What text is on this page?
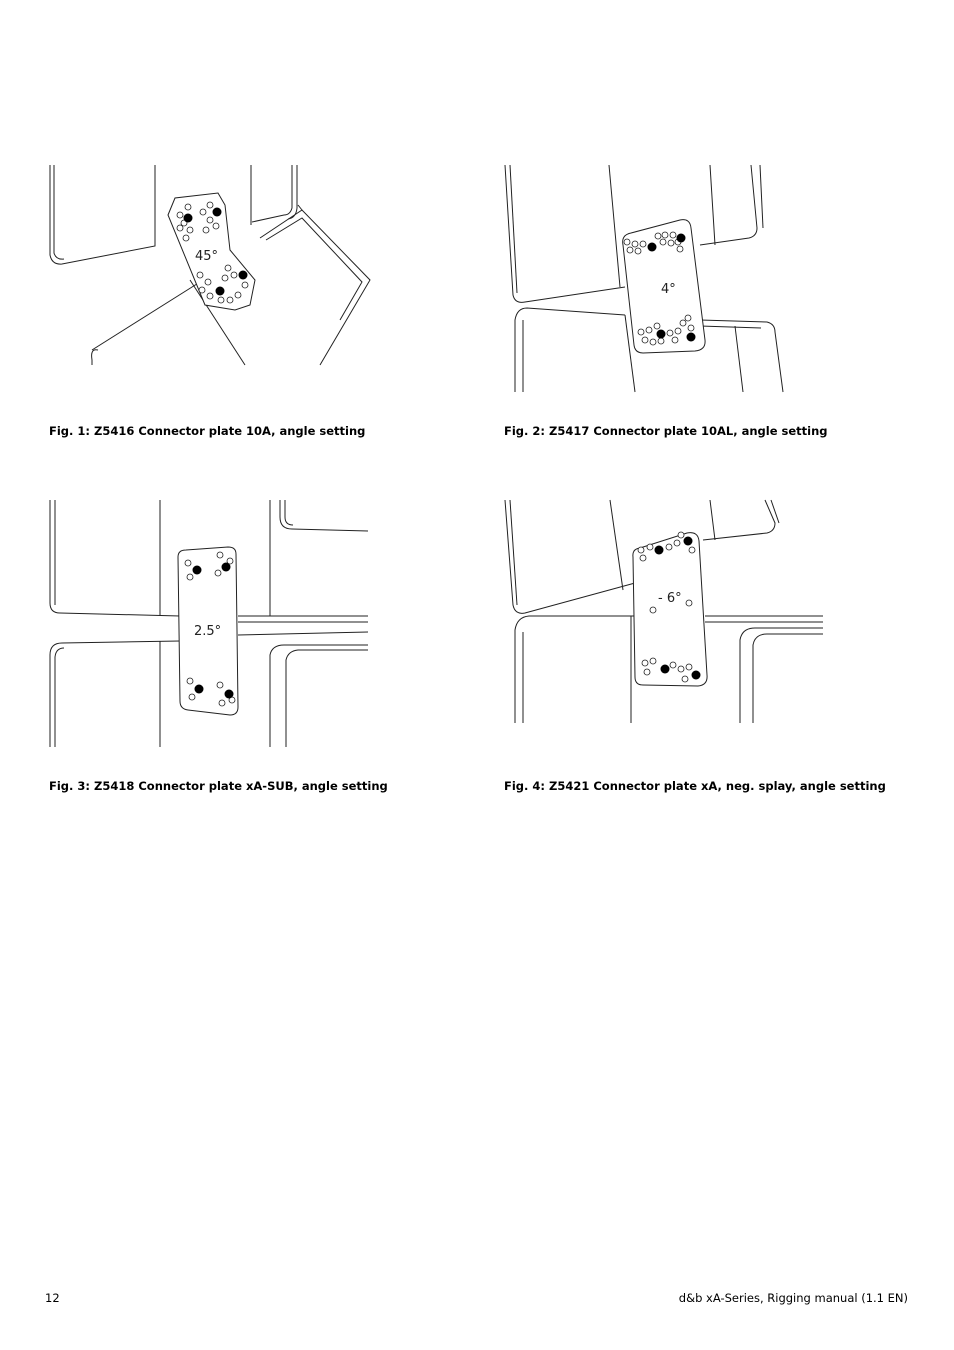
45°
Fig. 1: Z5416 Connector plate 10A, angle setting
4°
Fig. 2: Z5417 Connector plate 10AL, angle setting
2.5°
Fig. 3: Z5418 Connector plate xA-SUB, angle setting
- 6°
Fig. 4: Z5421 Connector plate xA, neg. splay, angle setting
12	d&b xA-Series, Rigging manual (1.1 EN)
